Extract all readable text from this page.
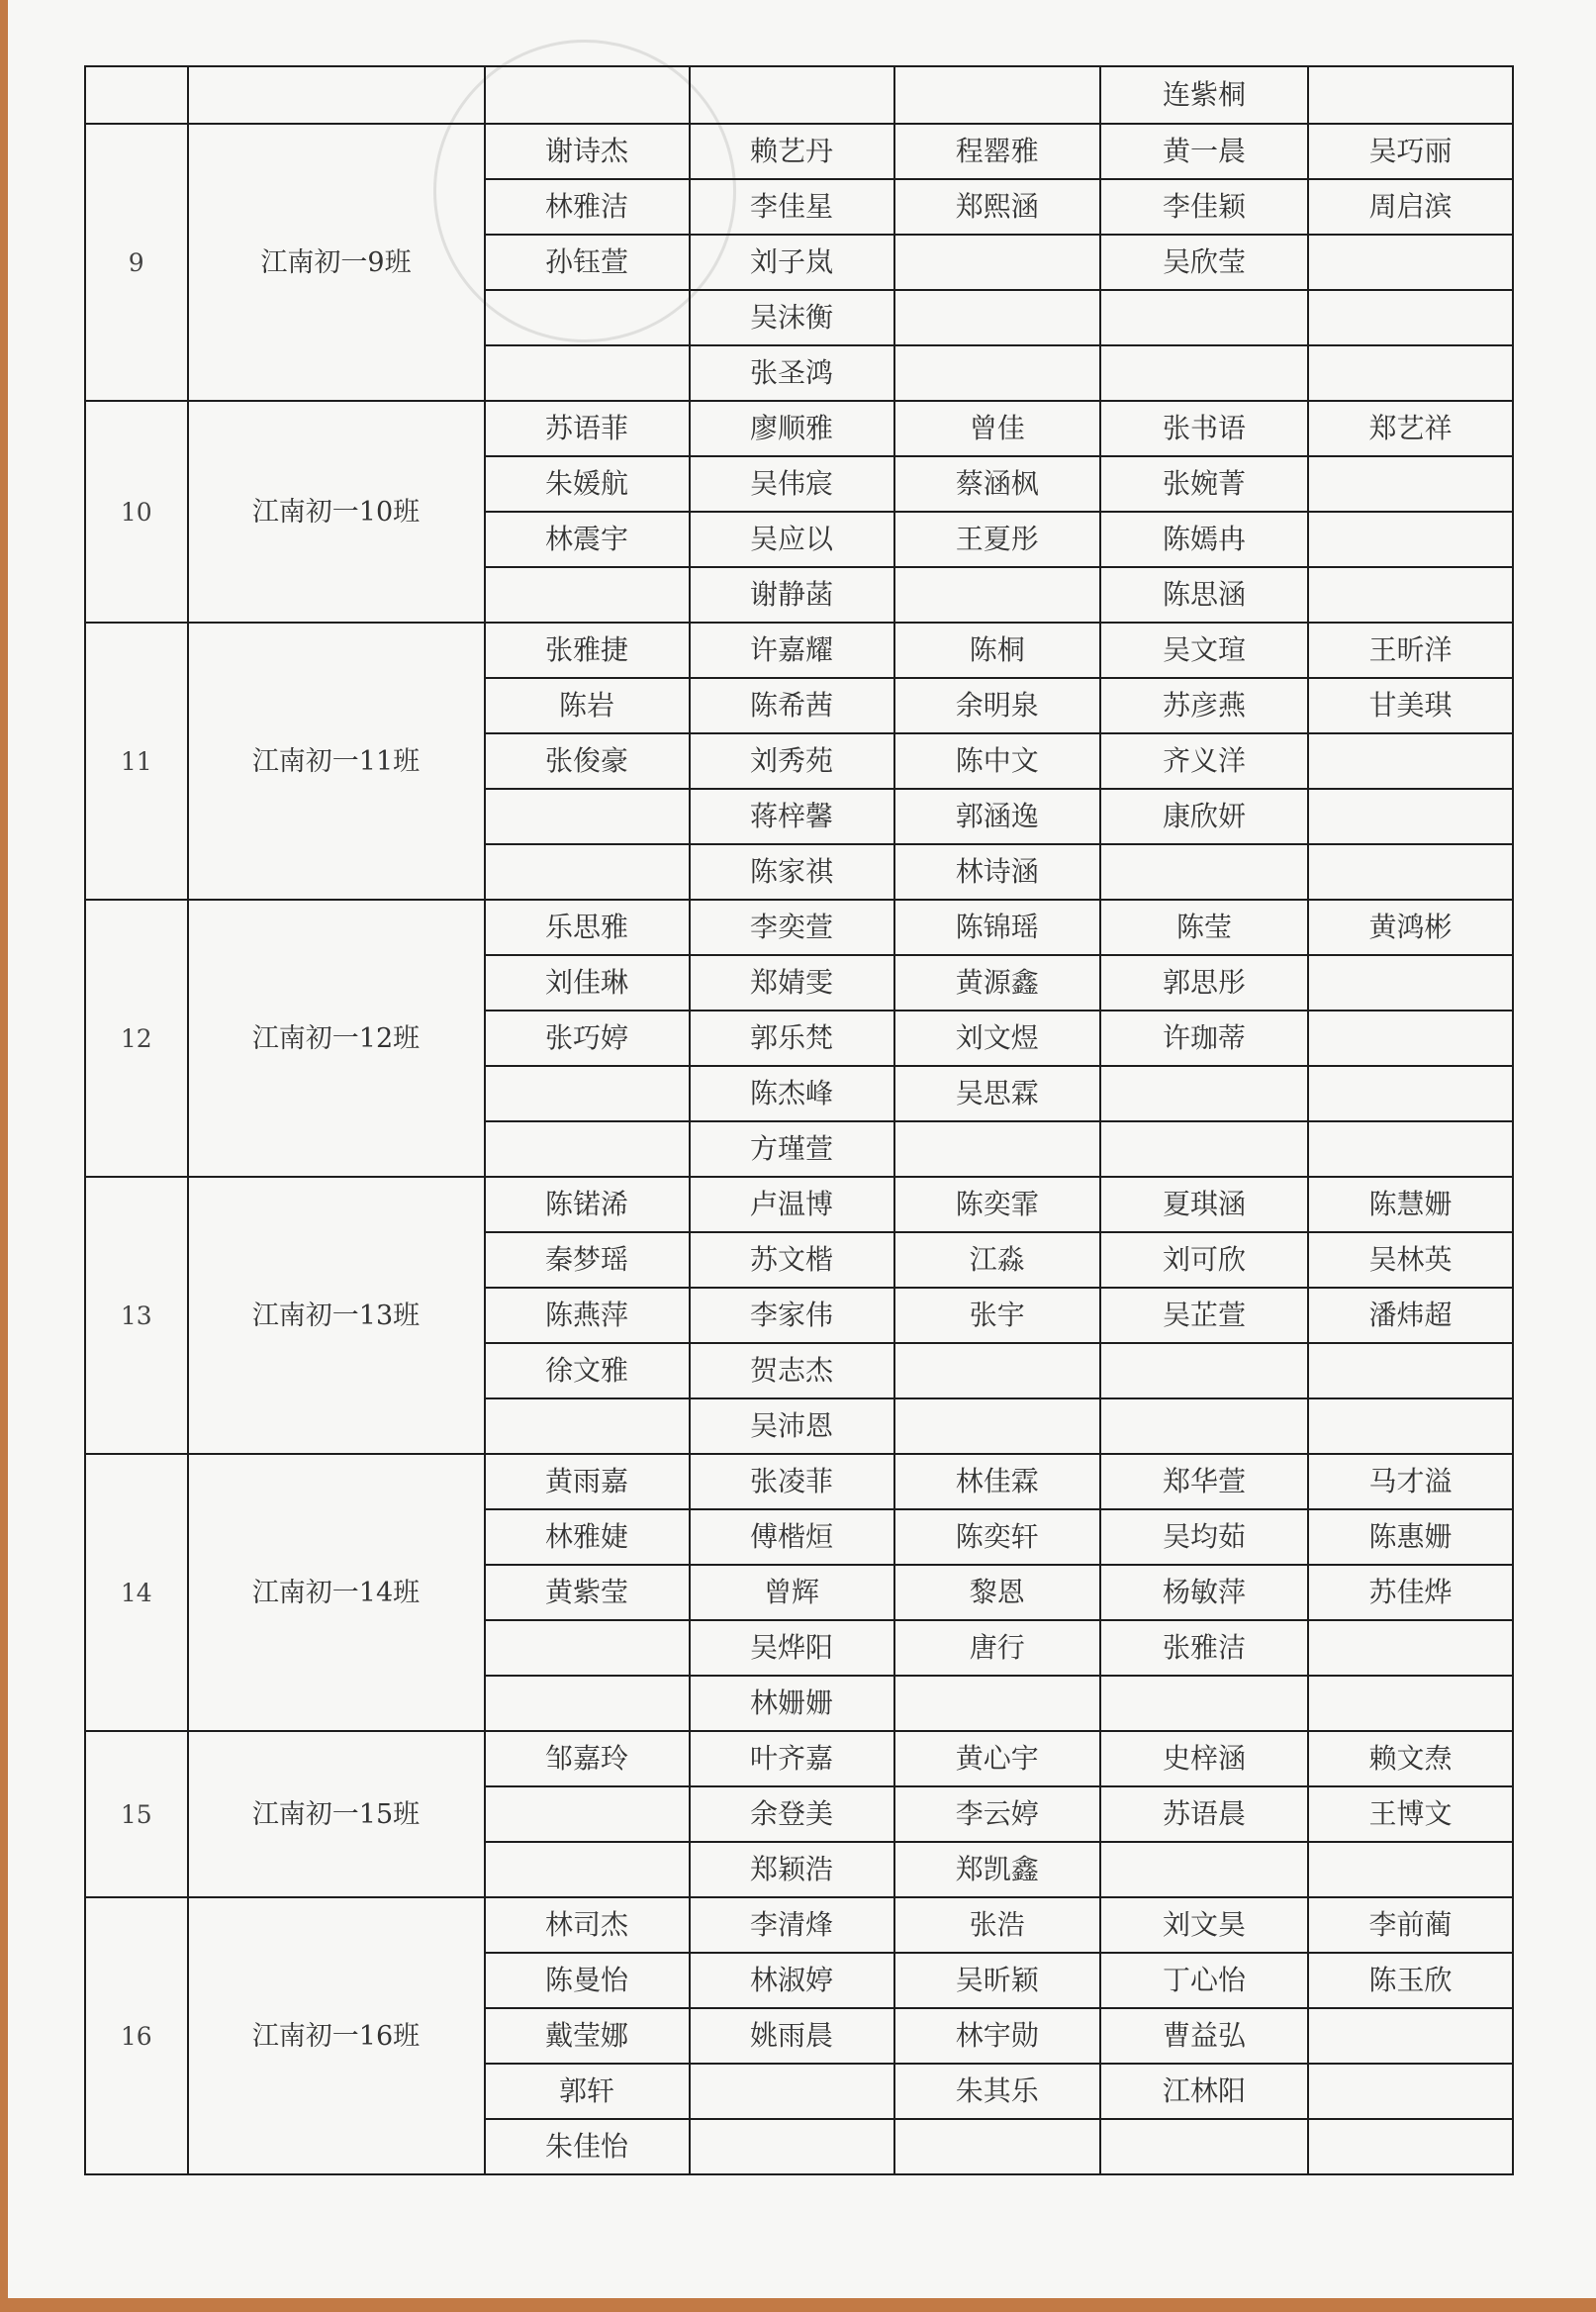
					连紫桐	
9	江南初一9班	谢诗杰	赖艺丹	程罂雅	黄一晨	吴巧丽
		林雅洁	李佳星	郑熙涵	李佳颖	周启滨
		孙钰萱	刘子岚		吴欣莹	
			吴沫衡			
			张圣鸿			
10	江南初一10班	苏语菲	廖顺雅	曾佳	张书语	郑艺祥
		朱媛航	吴伟宸	蔡涵枫	张婉菁	
		林震宇	吴应以	王夏彤	陈嫣冉	
			谢静菡		陈思涵	
11	江南初一11班	张雅捷	许嘉耀	陈桐	吴文瑄	王昕洋
		陈岩	陈希茜	余明泉	苏彦燕	甘美琪
		张俊豪	刘秀苑	陈中文	齐义洋	
			蒋梓馨	郭涵逸	康欣妍	
			陈家祺	林诗涵		
12	江南初一12班	乐思雅	李奕萱	陈锦瑶	陈莹	黄鸿彬
		刘佳琳	郑婧雯	黄源鑫	郭思彤	
		张巧婷	郭乐梵	刘文煜	许珈蒂	
			陈杰峰	吴思霖		
			方瑾萱			
13	江南初一13班	陈锘浠	卢温博	陈奕霏	夏琪涵	陈慧姗
		秦梦瑶	苏文楷	江淼	刘可欣	吴林英
		陈燕萍	李家伟	张宇	吴芷萱	潘炜超
		徐文雅	贺志杰			
			吴沛恩			
14	江南初一14班	黄雨嘉	张凌菲	林佳霖	郑华萱	马才溢
		林雅婕	傅楷烜	陈奕轩	吴均茹	陈惠姗
		黄紫莹	曾辉	黎恩	杨敏萍	苏佳烨
			吴烨阳	唐行	张雅洁	
			林姗姗			
15	江南初一15班	邹嘉玲	叶齐嘉	黄心宇	史梓涵	赖文焘
			余登美	李云婷	苏语晨	王博文
			郑颖浩	郑凯鑫		
16	江南初一16班	林司杰	李清烽	张浩	刘文昊	李前蔺
		陈曼怡	林淑婷	吴昕颖	丁心怡	陈玉欣
		戴莹娜	姚雨晨	林宇勋	曹益弘	
		郭轩		朱其乐	江林阳	
		朱佳怡				
